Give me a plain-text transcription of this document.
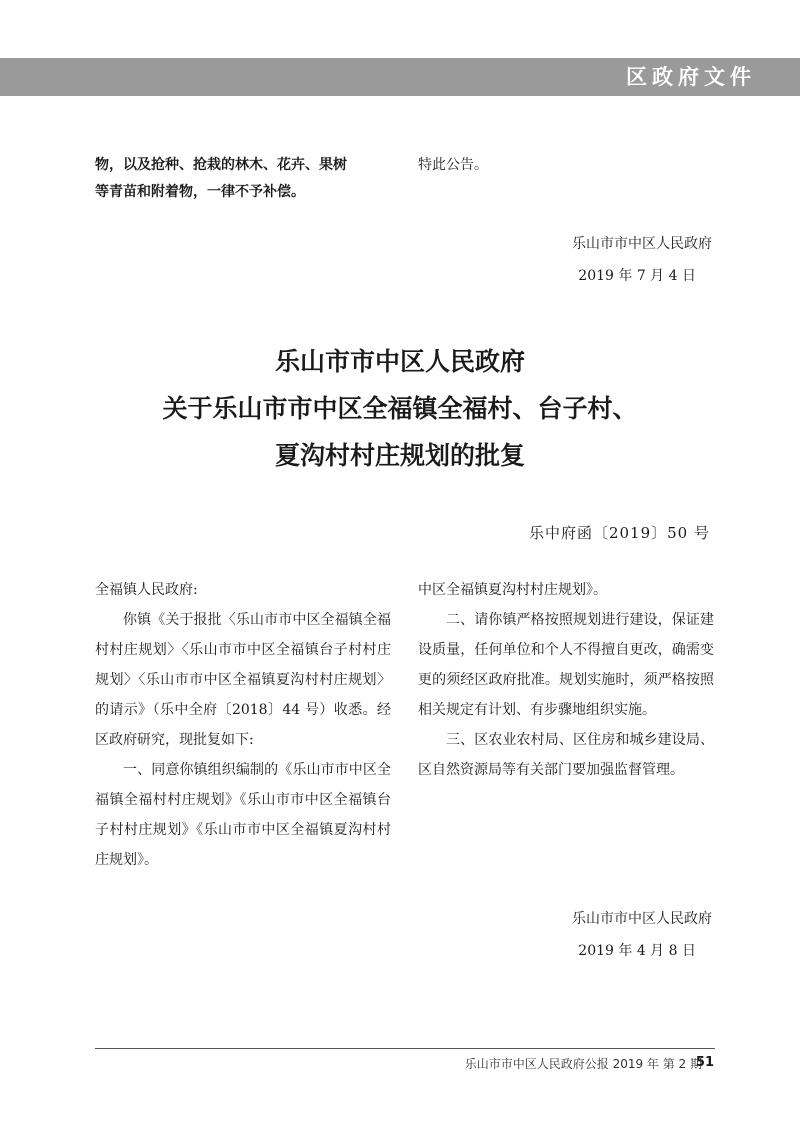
区政府文件
物，以及抢种、抢栽的林木、花卉、果树
等青苗和附着物，一律不予补偿。
特此公告。
乐山市市中区人民政府
2019 年 7 月 4 日
乐山市市中区人民政府
关于乐山市市中区全福镇全福村、台子村、
夏沟村村庄规划的批复
乐中府函〔2019〕50 号

全福镇人民政府:

你镇《关于报批〈乐山市市中区全福镇全福村村庄规划〉〈乐山市市中区全福镇台子村村庄规划〉〈乐山市市中区全福镇夏沟村村庄规划〉的请示》（乐中全府〔2018〕44 号）收悉。经区政府研究，现批复如下:

一、同意你镇组织编制的《乐山市市中区全福镇全福村村庄规划》《乐山市市中区全福镇台子村村庄规划》《乐山市市中区全福镇夏沟村村庄规划》。

中区全福镇夏沟村村庄规划》。

二、请你镇严格按照规划进行建设，保证建设质量，任何单位和个人不得擅自更改，确需变更的须经区政府批准。规划实施时，须严格按照相关规定有计划、有步骤地组织实施。

三、区农业农村局、区住房和城乡建设局、区自然资源局等有关部门要加强监督管理。

乐山市市中区人民政府
2019 年 4 月 8 日
乐山市市中区人民政府公报 2019 年 第 2 期
51
